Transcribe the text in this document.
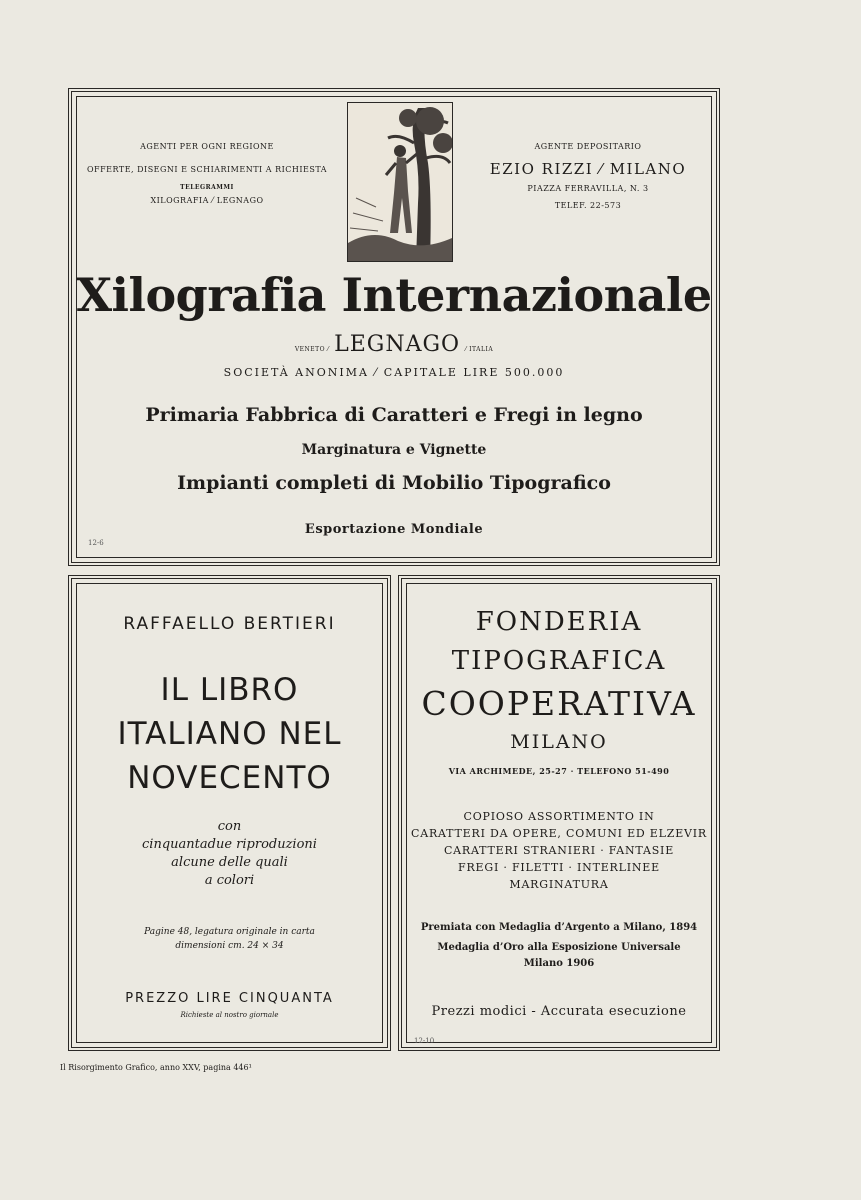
AGENTI PER OGNI REGIONE
OFFERTE, DISEGNI E SCHIARIMENTI A RICHIESTA
TELEGRAMMI
XILOGRAFIA ⁄ LEGNAGO
AGENTE DEPOSITARIO
EZIO RIZZI ⁄ MILANO
PIAZZA FERRAVILLA, N. 3
TELEF. 22-573
Xilografia Internazionale
VENETO ⁄ LEGNAGO ⁄ ITALIA
SOCIETÀ ANONIMA ⁄ CAPITALE LIRE 500.000
Primaria Fabbrica di Caratteri e Fregi in legno
Marginatura e Vignette
Impianti completi di Mobilio Tipografico
Esportazione Mondiale
12-6
RAFFAELLO BERTIERI
IL LIBRO
ITALIANO NEL
NOVECENTO
con
cinquantadue riproduzioni
alcune delle quali
a colori
Pagine 48, legatura originale in carta
dimensioni cm. 24 × 34
PREZZO LIRE CINQUANTA
Richieste al nostro giornale
FONDERIA
TIPOGRAFICA
COOPERATIVA
MILANO
VIA ARCHIMEDE, 25-27 · TELEFONO 51-490
COPIOSO ASSORTIMENTO IN
CARATTERI DA OPERE, COMUNI ED ELZEVIR
CARATTERI STRANIERI · FANTASIE
FREGI · FILETTI · INTERLINEE
MARGINATURA
Premiata con Medaglia d’Argento a Milano, 1894
Medaglia d’Oro alla Esposizione Universale
Milano 1906
Prezzi modici - Accurata esecuzione
12-10
Il Risorgimento Grafico, anno XXV, pagina 446¹
